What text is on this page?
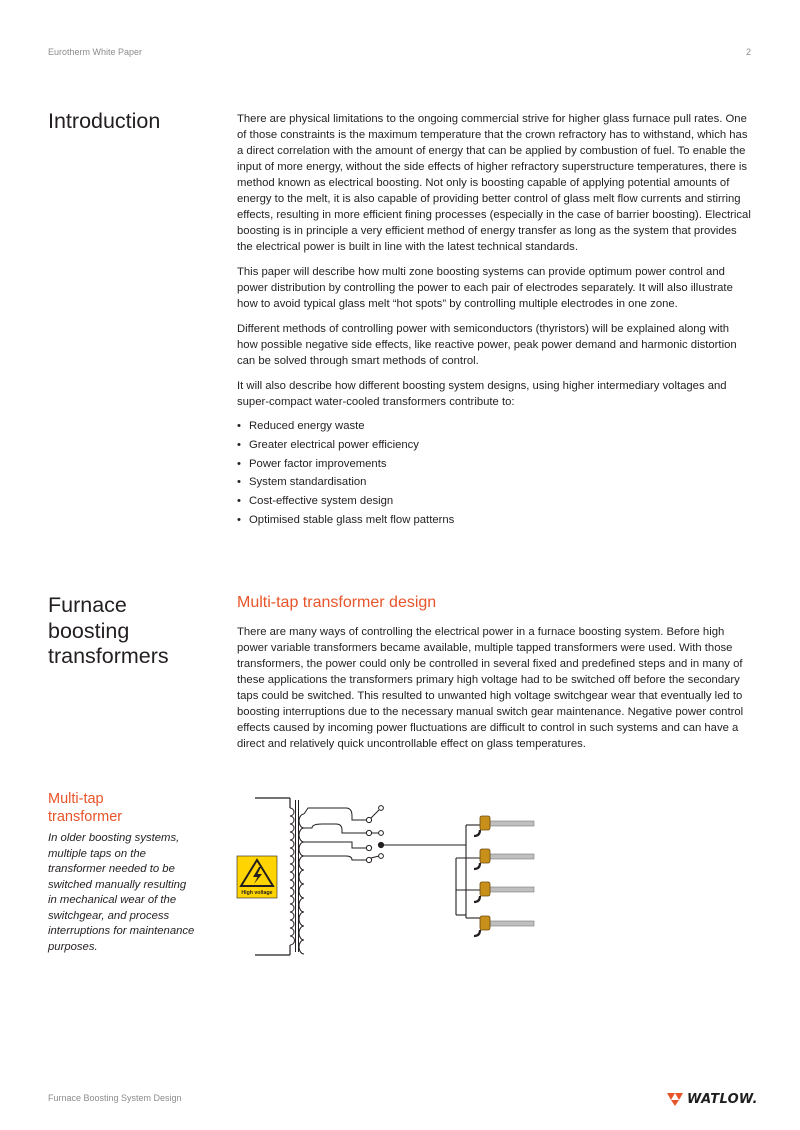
Eurotherm White Paper	2
Introduction	There are physical limitations to the ongoing commercial strive for higher glass furnace pull rates. One of those constraints is the maximum temperature that the crown refractory has to withstand, which has a direct correlation with the amount of energy that can be applied by combustion of fuel. To enable the input of more energy, without the side effects of higher refractory superstructure temperatures, there is method known as electrical boosting. Not only is boosting capable of applying potential amounts of energy to the melt, it is also capable of providing better control of glass melt flow currents and stirring effects, resulting in more efficient fining processes (especially in the case of barrier boosting). Electrical boosting is in principle a very efficient method of energy transfer as long as the system that provides the electrical power is built in line with the latest technical standards.

This paper will describe how multi zone boosting systems can provide optimum power control and power distribution by controlling the power to each pair of electrodes separately. It will also illustrate how to avoid typical glass melt “hot spots” by controlling multiple electrodes in one zone.

Different methods of controlling power with semiconductors (thyristors) will be explained along with how possible negative side effects, like reactive power, peak power demand and harmonic distortion can be solved through smart methods of control.

It will also describe how different boosting system designs, using higher intermediary voltages and super-compact water-cooled transformers contribute to:

• Reduced energy waste
• Greater electrical power efficiency
• Power factor improvements
• System standardisation
• Cost-effective system design
• Optimised stable glass melt flow patterns
Furnace
boosting
transformers
Multi-tap transformer design

There are many ways of controlling the electrical power in a furnace boosting system. Before high power variable transformers became available, multiple tapped transformers were used. With those transformers, the power could only be controlled in several fixed and predefined steps and in many of these applications the transformers primary high voltage had to be switched off before the secondary taps could be switched. This resulted to unwanted high voltage switchgear wear that eventually led to boosting interruptions due to the necessary manual switch gear maintenance. Negative power control effects caused by incoming power fluctuations are difficult to control in such systems and can have a direct and relatively quick uncontrollable effect on glass temperatures.

Multi-tap
transformer
In older boosting systems, multiple taps on the transformer needed to be switched manually resulting in mechanical wear of the switchgear, and process interruptions for maintenance purposes.
High voltage
Furnace Boosting System Design	WATLOW.
